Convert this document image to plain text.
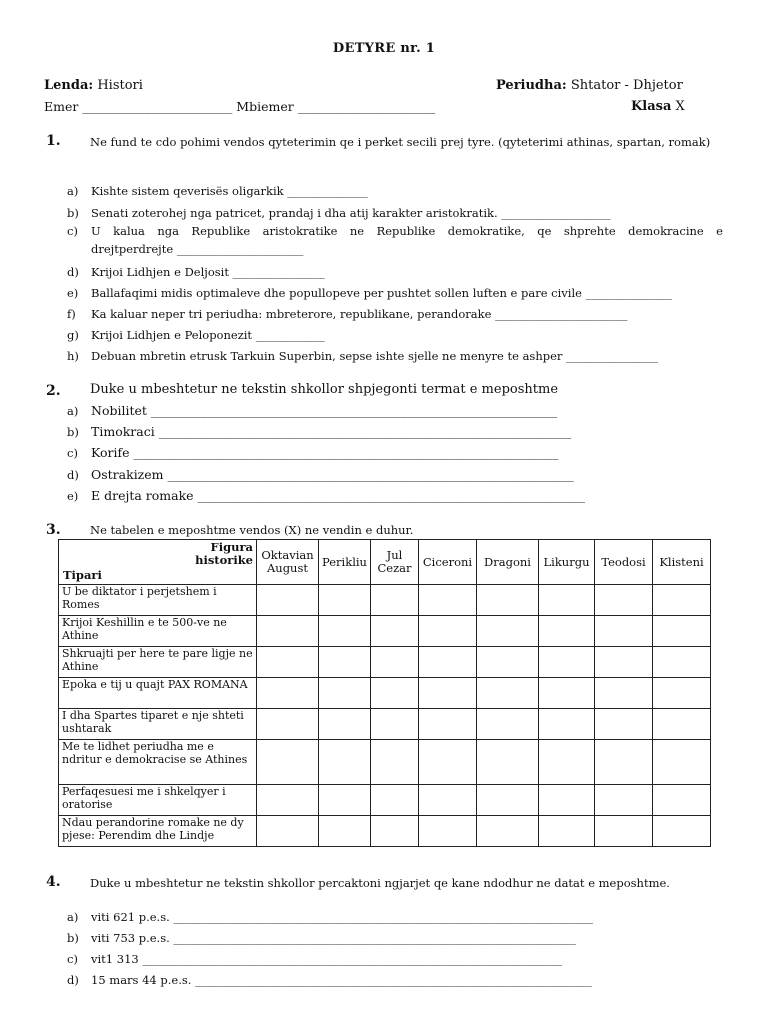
DETYRE nr. 1
Lenda: Histori	Periudha: Shtator - Dhjetor
Emer ________________________ Mbiemer ______________________	Klasa X
1.	Ne fund te cdo pohimi vendos qyteterimin qe i perket secili prej tyre. (qyteterimi athinas, spartan, romak)
a) Kishte sistem qeverisës oligarkik ______________
b) Senati zoterohej nga patricet, prandaj i dha atij karakter aristokratik. ___________________
c) U kalua nga Republike aristokratike ne Republike demokratike, qe shprehte demokracine e
drejtperdrejte ______________________
d) Krijoi Lidhjen e Deljosit ________________
e) Ballafaqimi midis optimaleve dhe popullореve per pushtet sollen luften e pare civile _______________
f) Ka kaluar neper tri periudha: mbreterore, republikane, perandorake _______________________
g) Krijoi Lidhjen e Peloponezit ____________
h) Debuan mbretin etrusk Tarkuin Superbin, sepse ishte sjelle ne menyre te ashper ________________
2. Duke u mbeshtetur ne tekstin shkollor shpjegonti termat e meposhtme
a) Nobilitet _________________________________________________________________
b) Timokraci __________________________________________________________________
c) Korife ____________________________________________________________________
d) Ostrakizem _________________________________________________________________
e) E drejta romake ______________________________________________________________
3.	Ne tabelen e meposhtme vendos (X) ne vendin e duhur.
Figura
historike
Tipari	Oktavian August	Perikliu	Jul Cezar	Ciceroni	Dragoni	Likurgu	Teodosi	Klisteni
U be diktator i perjetshem i Romes								
Krijoi Keshillin e te 500-ve ne Athine								
Shkruajti per here te pare ligje ne Athine								
Epoka e tij u quajt PAX ROMANA								
I dha Spartes tiparet e nje shteti ushtarak								
Me te lidhet periudha me e ndritur e demokracise se Athines								
Perfaqesuesi me i shkelqyer i oratorise								
Ndau perandorine romake ne dy pjese: Perendim dhe Lindje								
4.	Duke u mbeshtetur ne tekstin shkollor percaktoni ngjarjet qe kane ndodhur ne datat e meposhtme.
a) viti 621 p.e.s. _________________________________________________________________________
b) viti 753 p.e.s. ______________________________________________________________________
c) vit1 313 _________________________________________________________________________
d) 15 mars 44 p.e.s. _____________________________________________________________________
